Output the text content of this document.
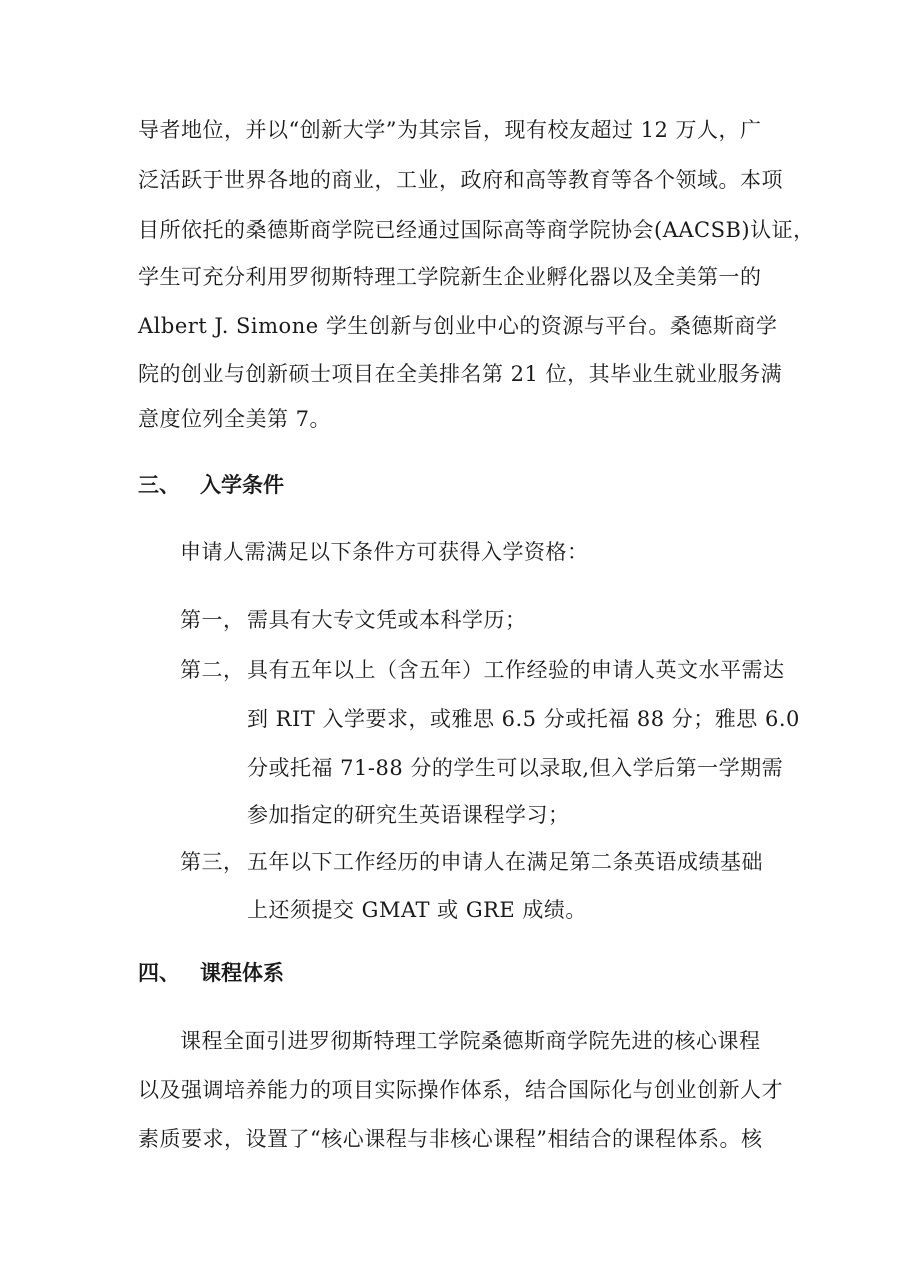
导者地位，并以“创新大学”为其宗旨，现有校友超过 12 万人，广
泛活跃于世界各地的商业，工业，政府和高等教育等各个领域。本项
目所依托的桑德斯商学院已经通过国际高等商学院协会(AACSB)认证，
学生可充分利用罗彻斯特理工学院新生企业孵化器以及全美第一的
Albert J. Simone 学生创新与创业中心的资源与平台。桑德斯商学
院的创业与创新硕士项目在全美排名第 21 位，其毕业生就业服务满
意度位列全美第 7。
三、 入学条件
申请人需满足以下条件方可获得入学资格：
第一， 需具有大专文凭或本科学历；
第二， 具有五年以上（含五年）工作经验的申请人英文水平需达
到 RIT 入学要求，或雅思 6.5 分或托福 88 分；雅思 6.0
分或托福 71-88 分的学生可以录取,但入学后第一学期需
参加指定的研究生英语课程学习；
第三， 五年以下工作经历的申请人在满足第二条英语成绩基础
上还须提交 GMAT 或 GRE 成绩。
四、 课程体系
课程全面引进罗彻斯特理工学院桑德斯商学院先进的核心课程
以及强调培养能力的项目实际操作体系，结合国际化与创业创新人才
素质要求，设置了“核心课程与非核心课程”相结合的课程体系。核
